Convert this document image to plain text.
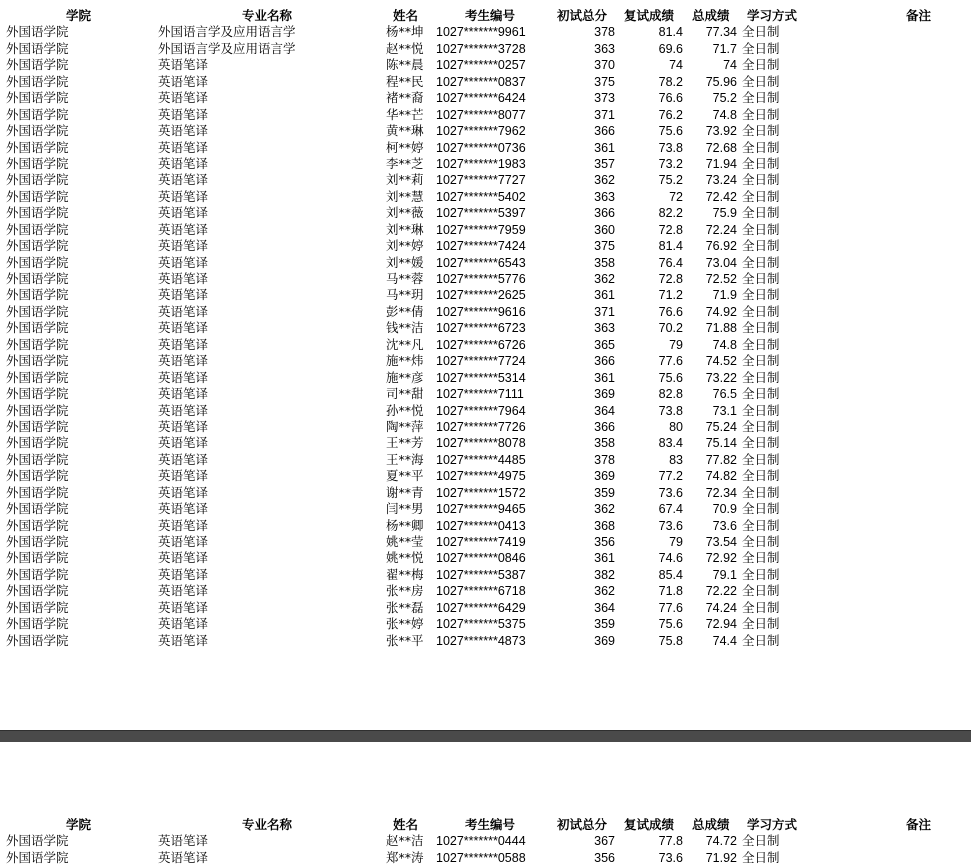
学院	专业名称	姓名	考生编号	初试总分 复试成绩 总成绩 学习方式	备注
外国语学院	外国语言学及应用语言学	杨**坤 1027*******9961	378	81.4	77.34 全日制
外国语学院	外国语言学及应用语言学	赵**悦 1027*******3728	363	69.6	71.7 全日制
外国语学院	英语笔译	陈**晨 1027*******0257	370	74	74 全日制
外国语学院	英语笔译	程**民 1027*******0837	375	78.2	75.96 全日制
外国语学院	英语笔译	褚**裔 1027*******6424	373	76.6	75.2 全日制
外国语学院	英语笔译	华**芒 1027*******8077	371	76.2	74.8 全日制
外国语学院	英语笔译	黄**琳 1027*******7962	366	75.6	73.92 全日制
外国语学院	英语笔译	柯**婷 1027*******0736	361	73.8	72.68 全日制
外国语学院	英语笔译	李**芝 1027*******1983	357	73.2	71.94 全日制
外国语学院	英语笔译	刘**莉 1027*******7727	362	75.2	73.24 全日制
外国语学院	英语笔译	刘**慧 1027*******5402	363	72	72.42 全日制
外国语学院	英语笔译	刘**薇 1027*******5397	366	82.2	75.9 全日制
外国语学院	英语笔译	刘**琳 1027*******7959	360	72.8	72.24 全日制
外国语学院	英语笔译	刘**婷 1027*******7424	375	81.4	76.92 全日制
外国语学院	英语笔译	刘**媛 1027*******6543	358	76.4	73.04 全日制
外国语学院	英语笔译	马**蓉 1027*******5776	362	72.8	72.52 全日制
外国语学院	英语笔译	马**玥 1027*******2625	361	71.2	71.9 全日制
外国语学院	英语笔译	彭**倩 1027*******9616	371	76.6	74.92 全日制
外国语学院	英语笔译	钱**洁 1027*******6723	363	70.2	71.88 全日制
外国语学院	英语笔译	沈**凡 1027*******6726	365	79	74.8 全日制
外国语学院	英语笔译	施**炜 1027*******7724	366	77.6	74.52 全日制
外国语学院	英语笔译	施**彦 1027*******5314	361	75.6	73.22 全日制
外国语学院	英语笔译	司**甜 1027*******7111	369	82.8	76.5 全日制
外国语学院	英语笔译	孙**悦 1027*******7964	364	73.8	73.1 全日制
外国语学院	英语笔译	陶**萍 1027*******7726	366	80	75.24 全日制
外国语学院	英语笔译	王**芳 1027*******8078	358	83.4	75.14 全日制
外国语学院	英语笔译	王**海 1027*******4485	378	83	77.82 全日制
外国语学院	英语笔译	夏**平 1027*******4975	369	77.2	74.82 全日制
外国语学院	英语笔译	谢**青 1027*******1572	359	73.6	72.34 全日制
外国语学院	英语笔译	闫**男 1027*******9465	362	67.4	70.9 全日制
外国语学院	英语笔译	杨**卿 1027*******0413	368	73.6	73.6 全日制
外国语学院	英语笔译	姚**莹 1027*******7419	356	79	73.54 全日制
外国语学院	英语笔译	姚**悦 1027*******0846	361	74.6	72.92 全日制
外国语学院	英语笔译	翟**梅 1027*******5387	382	85.4	79.1 全日制
外国语学院	英语笔译	张**房 1027*******6718	362	71.8	72.22 全日制
外国语学院	英语笔译	张**磊 1027*******6429	364	77.6	74.24 全日制
外国语学院	英语笔译	张**婷 1027*******5375	359	75.6	72.94 全日制
外国语学院	英语笔译	张**平 1027*******4873	369	75.8	74.4 全日制
学院	专业名称	姓名	考生编号	初试总分 复试成绩 总成绩 学习方式	备注
外国语学院	英语笔译	赵**洁 1027*******0444	367	77.8	74.72 全日制
外国语学院	英语笔译	郑**涛 1027*******0588	356	73.6	71.92 全日制
